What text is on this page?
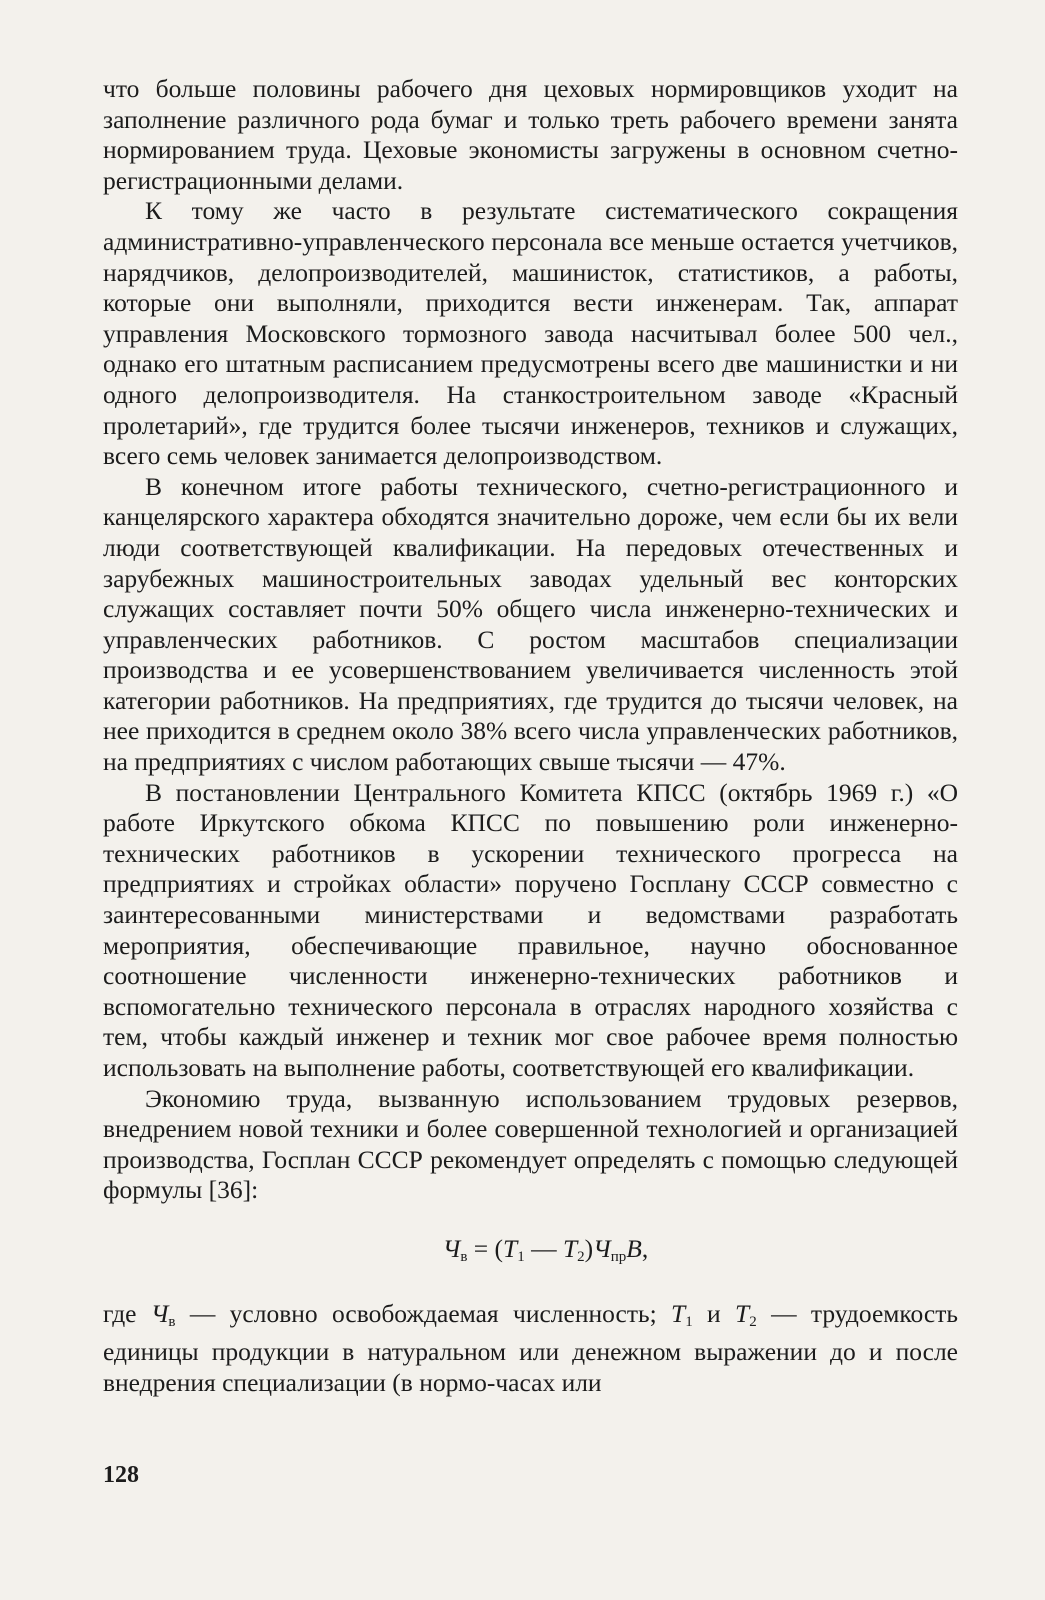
что больше половины рабочего дня цеховых нормировщиков уходит на заполнение различного рода бумаг и только треть рабочего времени занята нормированием труда. Цеховые экономисты загружены в основном счетно-регистрационными делами.

К тому же часто в результате систематического сокращения административно-управленческого персонала все меньше остается учетчиков, нарядчиков, делопроизводителей, машинисток, статистиков, а работы, которые они выполняли, приходится вести инженерам. Так, аппарат управления Московского тормозного завода насчитывал более 500 чел., однако его штатным расписанием предусмотрены всего две машинистки и ни одного делопроизводителя. На станкостроительном заводе «Красный пролетарий», где трудится более тысячи инженеров, техников и служащих, всего семь человек занимается делопроизводством.

В конечном итоге работы технического, счетно-регистрационного и канцелярского характера обходятся значительно дороже, чем если бы их вели люди соответствующей квалификации. На передовых отечественных и зарубежных машиностроительных заводах удельный вес конторских служащих составляет почти 50% общего числа инженерно-технических и управленческих работников. С ростом масштабов специализации производства и ее усовершенствованием увеличивается численность этой категории работников. На предприятиях, где трудится до тысячи человек, на нее приходится в среднем около 38% всего числа управленческих работников, на предприятиях с числом работающих свыше тысячи — 47%.

В постановлении Центрального Комитета КПСС (октябрь 1969 г.) «О работе Иркутского обкома КПСС по повышению роли инженерно-технических работников в ускорении технического прогресса на предприятиях и стройках области» поручено Госплану СССР совместно с заинтересованными министерствами и ведомствами разработать мероприятия, обеспечивающие правильное, научно обоснованное соотношение численности инженерно-технических работников и вспомогательно технического персонала в отраслях народного хозяйства с тем, чтобы каждый инженер и техник мог свое рабочее время полностью использовать на выполнение работы, соответствующей его квалификации.

Экономию труда, вызванную использованием трудовых резервов, внедрением новой техники и более совершенной технологией и организацией производства, Госплан СССР рекомендует определять с помощью следующей формулы [36]:

$Ч_в = (Т_1$ — $Т_2)Ч_{пр}В$,

где $Ч_в$ — условно освобождаемая численность; $Т_1$ и $Т_2$ — трудоемкость единицы продукции в натуральном или денежном выражении до и после внедрения специализации (в нормо-часах или

128
